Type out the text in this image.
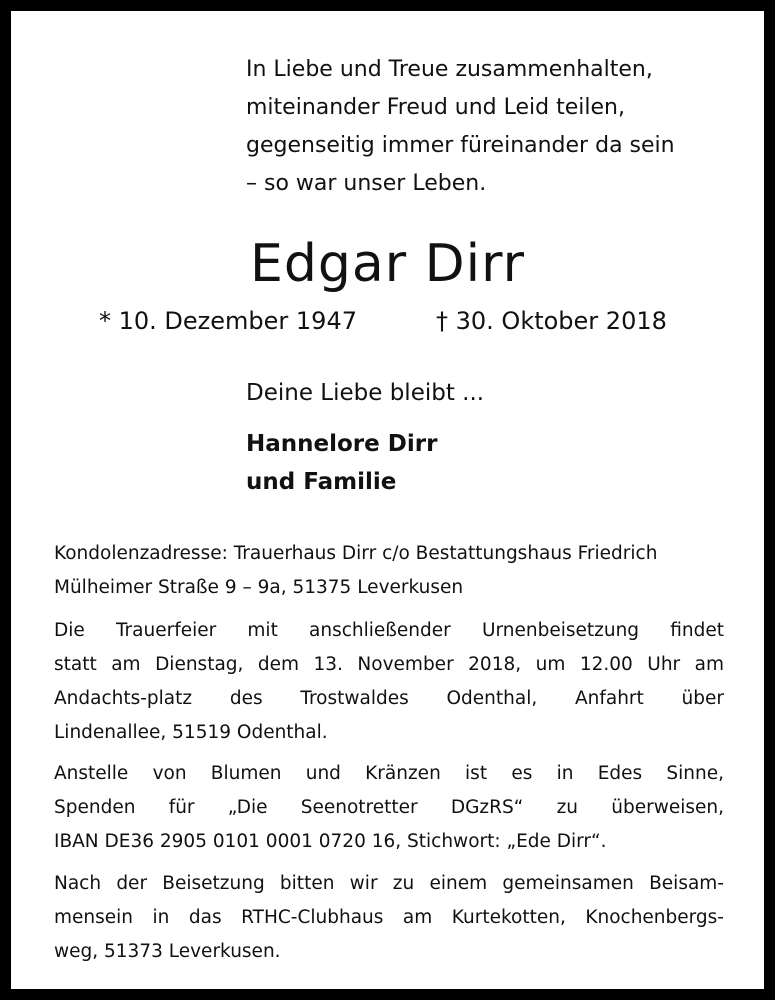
In Liebe und Treue zusammenhalten,
miteinander Freud und Leid teilen,
gegenseitig immer füreinander da sein
– so war unser Leben.
Edgar Dirr
* 10. Dezember 1947	† 30. Oktober 2018
Deine Liebe bleibt ...
Hannelore Dirr
und Familie
Kondolenzadresse: Trauerhaus Dirr c/o Bestattungshaus Friedrich
Mülheimer Straße 9 – 9a, 51375 Leverkusen
Die Trauerfeier mit anschließender Urnenbeisetzung findet
statt am Dienstag, dem 13. November 2018, um 12.00 Uhr am
Andachts-platz des Trostwaldes Odenthal, Anfahrt über
Lindenallee, 51519 Odenthal.
Anstelle von Blumen und Kränzen ist es in Edes Sinne,
Spenden für „Die Seenotretter DGzRS“ zu überweisen,
IBAN DE36 2905 0101 0001 0720 16, Stichwort: „Ede Dirr“.
Nach der Beisetzung bitten wir zu einem gemeinsamen Beisam-
mensein in das RTHC-Clubhaus am Kurtekotten, Knochenbergs-
weg, 51373 Leverkusen.
